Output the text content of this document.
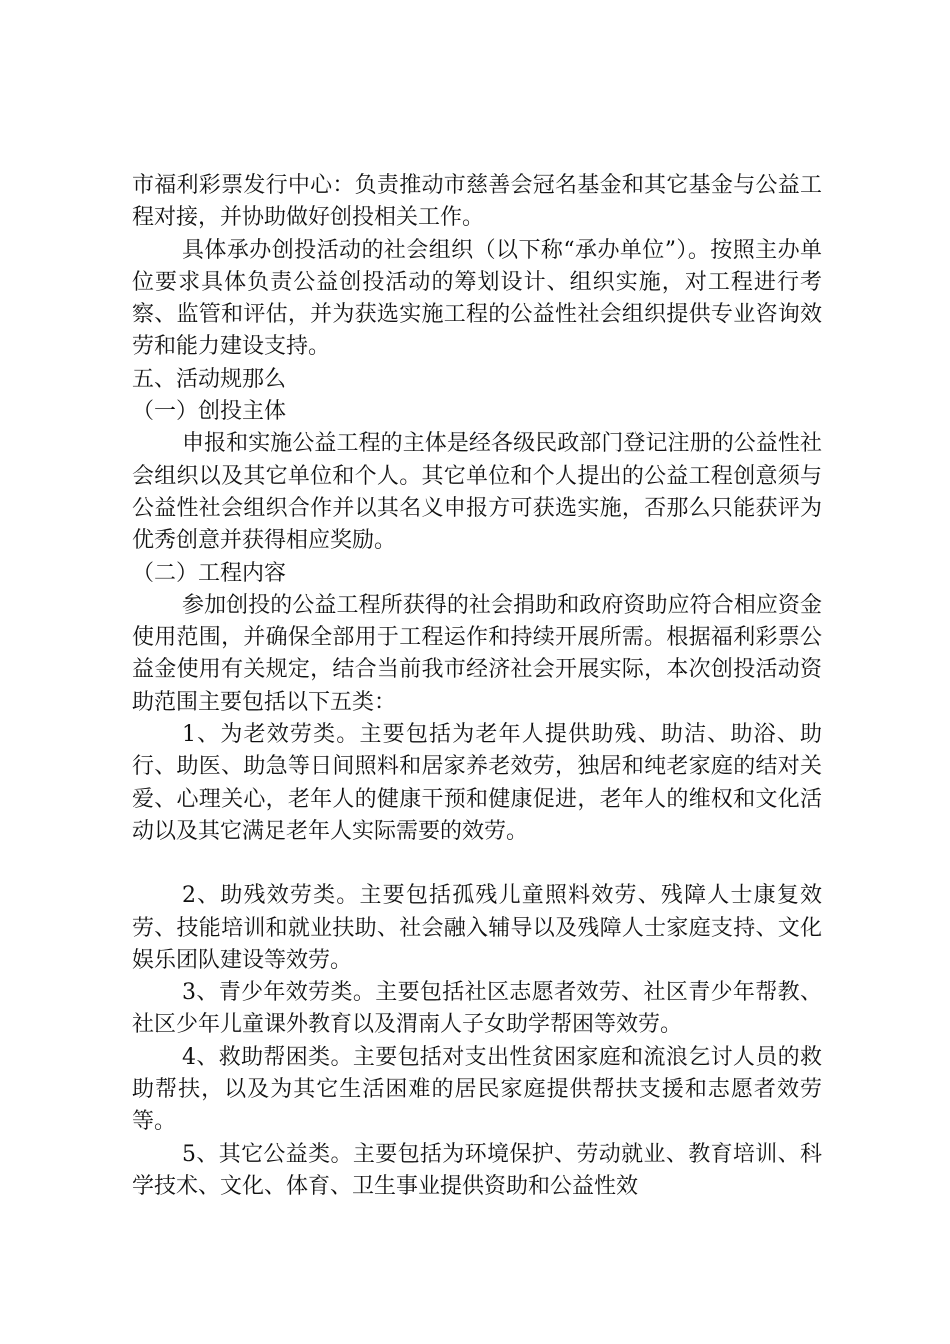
市福利彩票发行中心：负责推动市慈善会冠名基金和其它基金与公益工程对接，并协助做好创投相关工作。

具体承办创投活动的社会组织（以下称“承办单位”）。按照主办单位要求具体负责公益创投活动的筹划设计、组织实施，对工程进行考察、监管和评估，并为获选实施工程的公益性社会组织提供专业咨询效劳和能力建设支持。

五、活动规那么

（一）创投主体

申报和实施公益工程的主体是经各级民政部门登记注册的公益性社会组织以及其它单位和个人。其它单位和个人提出的公益工程创意须与公益性社会组织合作并以其名义申报方可获选实施，否那么只能获评为优秀创意并获得相应奖励。

（二）工程内容

参加创投的公益工程所获得的社会捐助和政府资助应符合相应资金使用范围，并确保全部用于工程运作和持续开展所需。根据福利彩票公益金使用有关规定，结合当前我市经济社会开展实际，本次创投活动资助范围主要包括以下五类：

1、为老效劳类。主要包括为老年人提供助残、助洁、助浴、助行、助医、助急等日间照料和居家养老效劳，独居和纯老家庭的结对关爱、心理关心，老年人的健康干预和健康促进，老年人的维权和文化活动以及其它满足老年人实际需要的效劳。

2、助残效劳类。主要包括孤残儿童照料效劳、残障人士康复效劳、技能培训和就业扶助、社会融入辅导以及残障人士家庭支持、文化娱乐团队建设等效劳。

3、青少年效劳类。主要包括社区志愿者效劳、社区青少年帮教、社区少年儿童课外教育以及渭南人子女助学帮困等效劳。

4、救助帮困类。主要包括对支出性贫困家庭和流浪乞讨人员的救助帮扶，以及为其它生活困难的居民家庭提供帮扶支援和志愿者效劳等。

5、其它公益类。主要包括为环境保护、劳动就业、教育培训、科学技术、文化、体育、卫生事业提供资助和公益性效
